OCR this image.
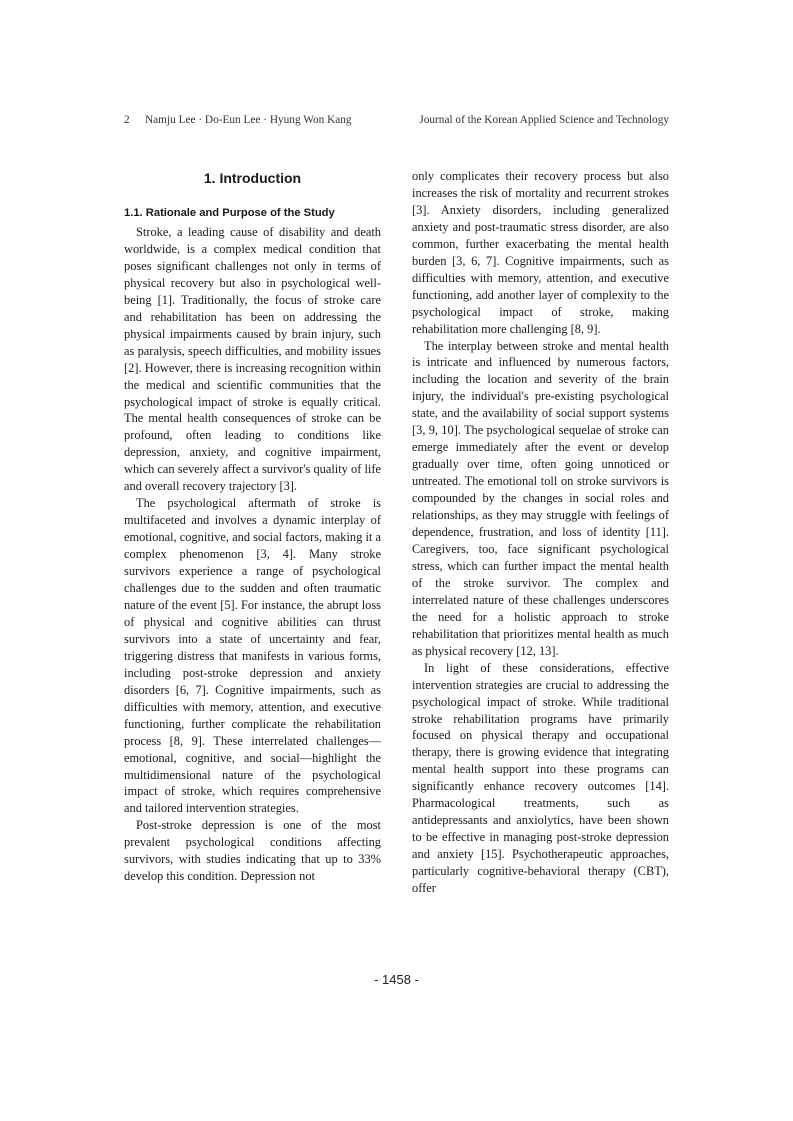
2 Namju Lee · Do-Eun Lee · Hyung Won Kang	Journal of the Korean Applied Science and Technology
1. Introduction
1.1. Rationale and Purpose of the Study

Stroke, a leading cause of disability and death worldwide, is a complex medical condition that poses significant challenges not only in terms of physical recovery but also in psychological well-being [1]. Traditionally, the focus of stroke care and rehabilitation has been on addressing the physical impairments caused by brain injury, such as paralysis, speech difficulties, and mobility issues [2]. However, there is increasing recognition within the medical and scientific communities that the psychological impact of stroke is equally critical. The mental health consequences of stroke can be profound, often leading to conditions like depression, anxiety, and cognitive impairment, which can severely affect a survivor's quality of life and overall recovery trajectory [3].

The psychological aftermath of stroke is multifaceted and involves a dynamic interplay of emotional, cognitive, and social factors, making it a complex phenomenon [3, 4]. Many stroke survivors experience a range of psychological challenges due to the sudden and often traumatic nature of the event [5]. For instance, the abrupt loss of physical and cognitive abilities can thrust survivors into a state of uncertainty and fear, triggering distress that manifests in various forms, including post-stroke depression and anxiety disorders [6, 7]. Cognitive impairments, such as difficulties with memory, attention, and executive functioning, further complicate the rehabilitation process [8, 9]. These interrelated challenges—emotional, cognitive, and social—highlight the multidimensional nature of the psychological impact of stroke, which requires comprehensive and tailored intervention strategies.

Post-stroke depression is one of the most prevalent psychological conditions affecting survivors, with studies indicating that up to 33% develop this condition. Depression not

only complicates their recovery process but also increases the risk of mortality and recurrent strokes [3]. Anxiety disorders, including generalized anxiety and post-traumatic stress disorder, are also common, further exacerbating the mental health burden [3, 6, 7]. Cognitive impairments, such as difficulties with memory, attention, and executive functioning, add another layer of complexity to the psychological impact of stroke, making rehabilitation more challenging [8, 9].

The interplay between stroke and mental health is intricate and influenced by numerous factors, including the location and severity of the brain injury, the individual's pre-existing psychological state, and the availability of social support systems [3, 9, 10]. The psychological sequelae of stroke can emerge immediately after the event or develop gradually over time, often going unnoticed or untreated. The emotional toll on stroke survivors is compounded by the changes in social roles and relationships, as they may struggle with feelings of dependence, frustration, and loss of identity [11]. Caregivers, too, face significant psychological stress, which can further impact the mental health of the stroke survivor. The complex and interrelated nature of these challenges underscores the need for a holistic approach to stroke rehabilitation that prioritizes mental health as much as physical recovery [12, 13].

In light of these considerations, effective intervention strategies are crucial to addressing the psychological impact of stroke. While traditional stroke rehabilitation programs have primarily focused on physical therapy and occupational therapy, there is growing evidence that integrating mental health support into these programs can significantly enhance recovery outcomes [14]. Pharmacological treatments, such as antidepressants and anxiolytics, have been shown to be effective in managing post-stroke depression and anxiety [15]. Psychotherapeutic approaches, particularly cognitive-behavioral therapy (CBT), offer

- 1458 -
